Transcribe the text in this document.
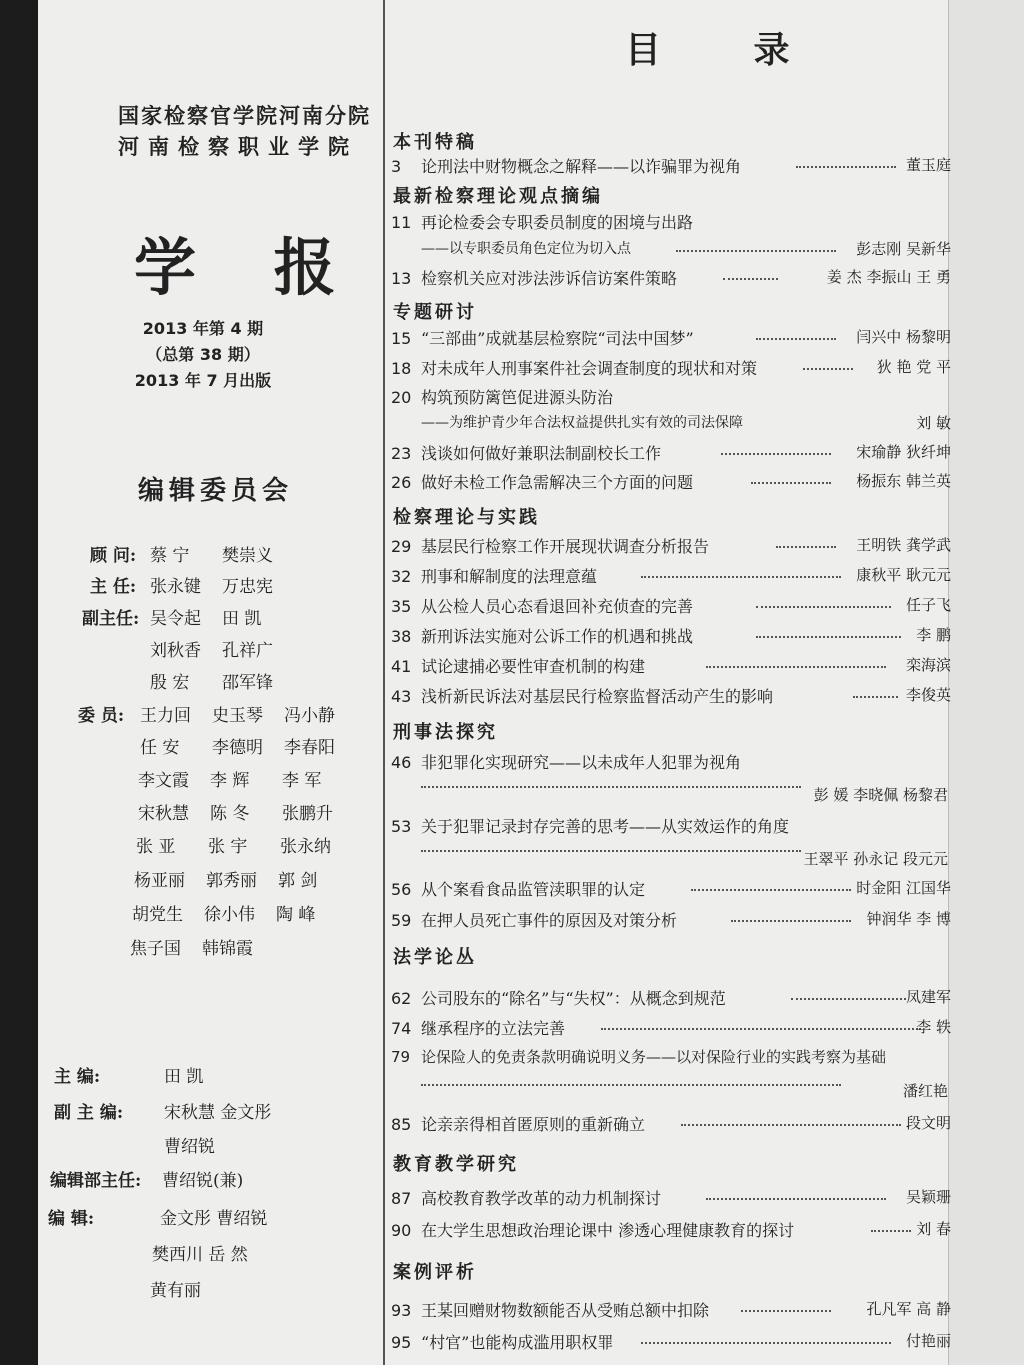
国家检察官学院河南分院
河南检察职业学院
学 报
2013 年第 4 期
（总第 38 期）
2013 年 7 月出版
编辑委员会
顾 问: 蔡 宁 樊崇义
主 任: 张永键 万忠宪
副主任: 吴令起 田 凯
刘秋香 孔祥广
殷 宏 邵军锋
委 员: 王力回 史玉琴 冯小静
任 安 李德明 李春阳
李文霞 李 辉 李 军
宋秋慧 陈 冬 张鹏升
张 亚 张 宇 张永纳
杨亚丽 郭秀丽 郭 剑
胡党生 徐小伟 陶 峰
焦子国 韩锦霞
主 编:	田 凯
副 主 编: 宋秋慧 金文彤
曹绍锐
编辑部主任: 曹绍锐(兼)
编 辑:	金文彤 曹绍锐
樊西川 岳 然
黄有丽
目 录
本刊特稿
3 论刑法中财物概念之解释——以诈骗罪为视角	董玉庭
最新检察理论观点摘编
11 再论检委会专职委员制度的困境与出路
——以专职委员角色定位为切入点	彭志刚 吴新华
13 检察机关应对涉法涉诉信访案件策略	姜 杰 李振山 王 勇
专题研讨
15 “三部曲”成就基层检察院“司法中国梦”	闫兴中 杨黎明
18 对未成年人刑事案件社会调查制度的现状和对策	狄 艳 党 平
20 构筑预防篱笆促进源头防治
——为维护青少年合法权益提供扎实有效的司法保障	刘 敏
23 浅谈如何做好兼职法制副校长工作	宋瑜静 狄纤坤
26 做好未检工作急需解决三个方面的问题	杨振东 韩兰英
检察理论与实践
29 基层民行检察工作开展现状调查分析报告	王明铁 龚学武
32 刑事和解制度的法理意蕴	康秋平 耿元元
35 从公检人员心态看退回补充侦查的完善	任子飞
38 新刑诉法实施对公诉工作的机遇和挑战	李 鹏
41 试论逮捕必要性审查机制的构建	栾海滨
43 浅析新民诉法对基层民行检察监督活动产生的影响	李俊英
刑事法探究
46 非犯罪化实现研究——以未成年人犯罪为视角
彭 媛 李晓佩 杨黎君
53 关于犯罪记录封存完善的思考——从实效运作的角度
王翠平 孙永记 段元元
56 从个案看食品监管渎职罪的认定	时金阳 江国华
59 在押人员死亡事件的原因及对策分析	钟润华 李 博
法学论丛
62 公司股东的“除名”与“失权”：从概念到规范	凤建军
74 继承程序的立法完善	李 轶
79 论保险人的免责条款明确说明义务——以对保险行业的实践考察为基础
潘红艳
85 论亲亲得相首匿原则的重新确立	段文明
教育教学研究
87 高校教育教学改革的动力机制探讨	吴颖珊
90 在大学生思想政治理论课中 渗透心理健康教育的探讨	刘 春
案例评析
93 王某回赠财物数额能否从受贿总额中扣除	孔凡军 高 静
95 “村官”也能构成滥用职权罪	付艳丽
